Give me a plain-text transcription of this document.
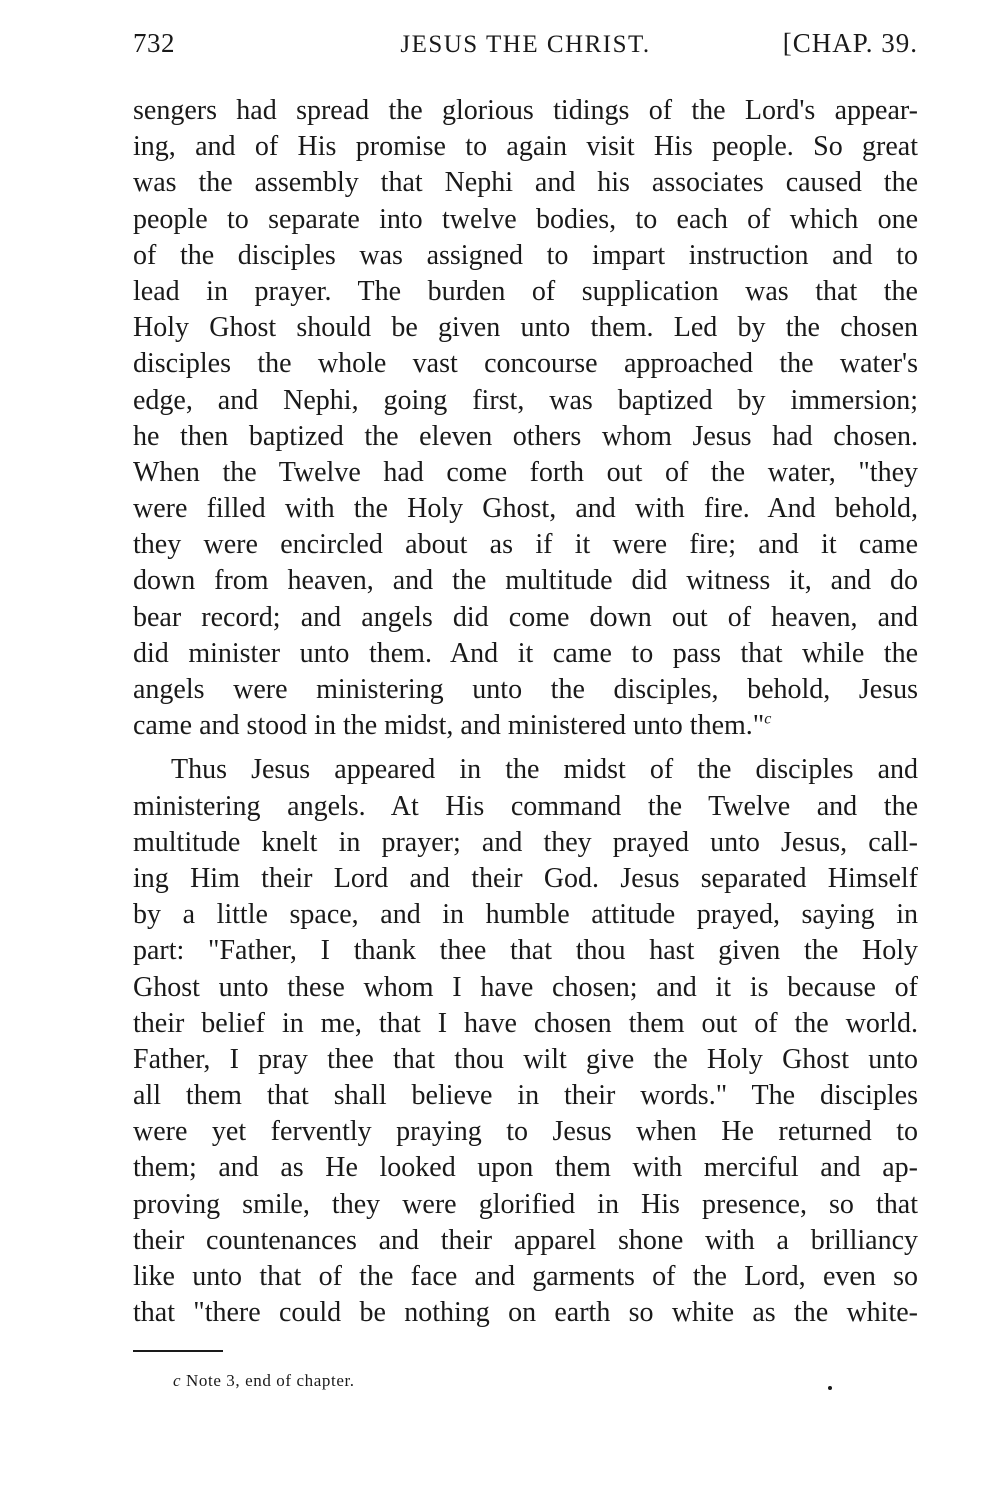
732	JESUS THE CHRIST.	[CHAP. 39.
sengers had spread the glorious tidings of the Lord's appear-
ing, and of His promise to again visit His people. So great
was the assembly that Nephi and his associates caused the
people to separate into twelve bodies, to each of which one
of the disciples was assigned to impart instruction and to
lead in prayer. The burden of supplication was that the
Holy Ghost should be given unto them. Led by the chosen
disciples the whole vast concourse approached the water's
edge, and Nephi, going first, was baptized by immersion;
he then baptized the eleven others whom Jesus had chosen.
When the Twelve had come forth out of the water, "they
were filled with the Holy Ghost, and with fire. And behold,
they were encircled about as if it were fire; and it came
down from heaven, and the multitude did witness it, and do
bear record; and angels did come down out of heaven, and
did minister unto them. And it came to pass that while the
angels were ministering unto the disciples, behold, Jesus
came and stood in the midst, and ministered unto them."$^c$
Thus Jesus appeared in the midst of the disciples and
ministering angels. At His command the Twelve and the
multitude knelt in prayer; and they prayed unto Jesus, call-
ing Him their Lord and their God. Jesus separated Himself
by a little space, and in humble attitude prayed, saying in
part: "Father, I thank thee that thou hast given the Holy
Ghost unto these whom I have chosen; and it is because of
their belief in me, that I have chosen them out of the world.
Father, I pray thee that thou wilt give the Holy Ghost unto
all them that shall believe in their words." The disciples
were yet fervently praying to Jesus when He returned to
them; and as He looked upon them with merciful and ap-
proving smile, they were glorified in His presence, so that
their countenances and their apparel shone with a brilliancy
like unto that of the face and garments of the Lord, even so
that "there could be nothing on earth so white as the white-
c Note 3, end of chapter.
